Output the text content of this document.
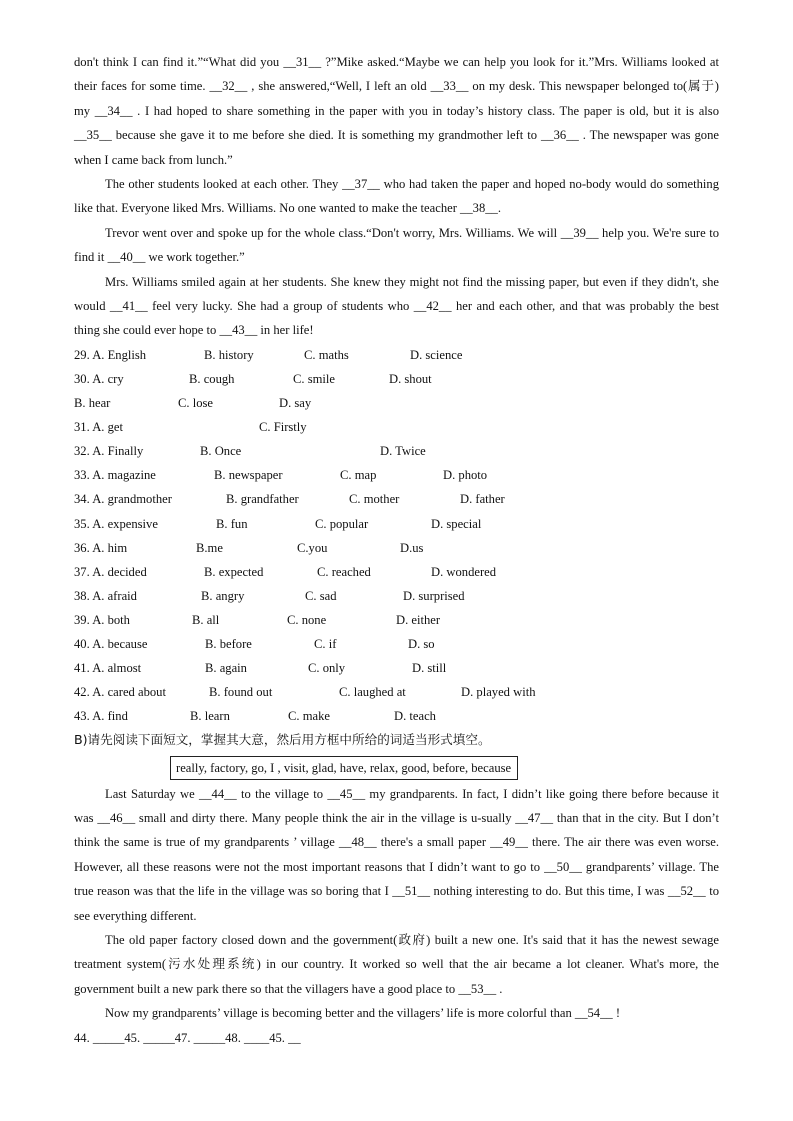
don't think I can find it.”“What did you __31__ ?”Mike asked.“Maybe we can help you look for it.”Mrs. Williams looked at their faces for some time. __32__ , she answered,“Well, I left an old __33__ on my desk. This newspaper belonged to(属于) my __34__ . I had hoped to share something in the paper with you in today’s history class. The paper is old, but it is also __35__ because she gave it to me before she died. It is something my grandmother left to __36__ . The newspaper was gone when I came back from lunch.”

The other students looked at each other. They __37__ who had taken the paper and hoped no-body would do something like that. Everyone liked Mrs. Williams. No one wanted to make the teacher __38__.

Trevor went over and spoke up for the whole class.“Don't worry, Mrs. Williams. We will __39__ help you. We're sure to find it __40__ we work together.”

Mrs. Williams smiled again at her students. She knew they might not find the missing paper, but even if they didn't, she would __41__ feel very lucky. She had a group of students who __42__ her and each other, and that was probably the best thing she could ever hope to __43__ in her life!

29. A. English	B. history	C. maths	D. science
30. A. cry	B. cough	C. smile	D. shout
B. hear	C. lose	D. say
31. A. get	C. Firstly
32. A. Finally	B. Once	D. Twice
33. A. magazine	B. newspaper	C. map	D. photo
34. A. grandmother	B. grandfather	C. mother	D. father
35. A. expensive	B. fun	C. popular	D. special
36. A. him	B.me	C.you	D.us
37. A. decided	B. expected	C. reached	D. wondered
38. A. afraid	B. angry	C. sad	D. surprised
39. A. both	B. all	C. none	D. either
40. A. because	B. before	C. if	D. so
41. A. almost	B. again	C. only	D. still
42. A. cared about	B. found out	C. laughed at	D. played with
43. A. find	B. learn	C. make	D. teach
B)请先阅读下面短文，掌握其大意，然后用方框中所给的词适当形式填空。
really, factory, go, I , visit, glad, have, relax, good, before, because

Last Saturday we __44__ to the village to __45__ my grandparents. In fact, I didn’t like going there before because it was __46__ small and dirty there. Many people think the air in the village is u-sually __47__ than that in the city. But I don’t think the same is true of my grandparents ’ village __48__ there's a small paper __49__ there. The air there was even worse. However, all these reasons were not the most important reasons that I didn’t want to go to __50__ grandparents’ village. The true reason was that the life in the village was so boring that I __51__ nothing interesting to do. But this time, I was __52__ to see everything different.

The old paper factory closed down and the government(政府) built a new one. It's said that it has the newest sewage treatment system(污水处理系统) in our country. It worked so well that the air became a lot cleaner. What's more, the government built a new park there so that the villagers have a good place to __53__ .

Now my grandparents’ village is becoming better and the villagers’ life is more colorful than __54__ !

44. _____45. _____47. _____48. ____45. __
